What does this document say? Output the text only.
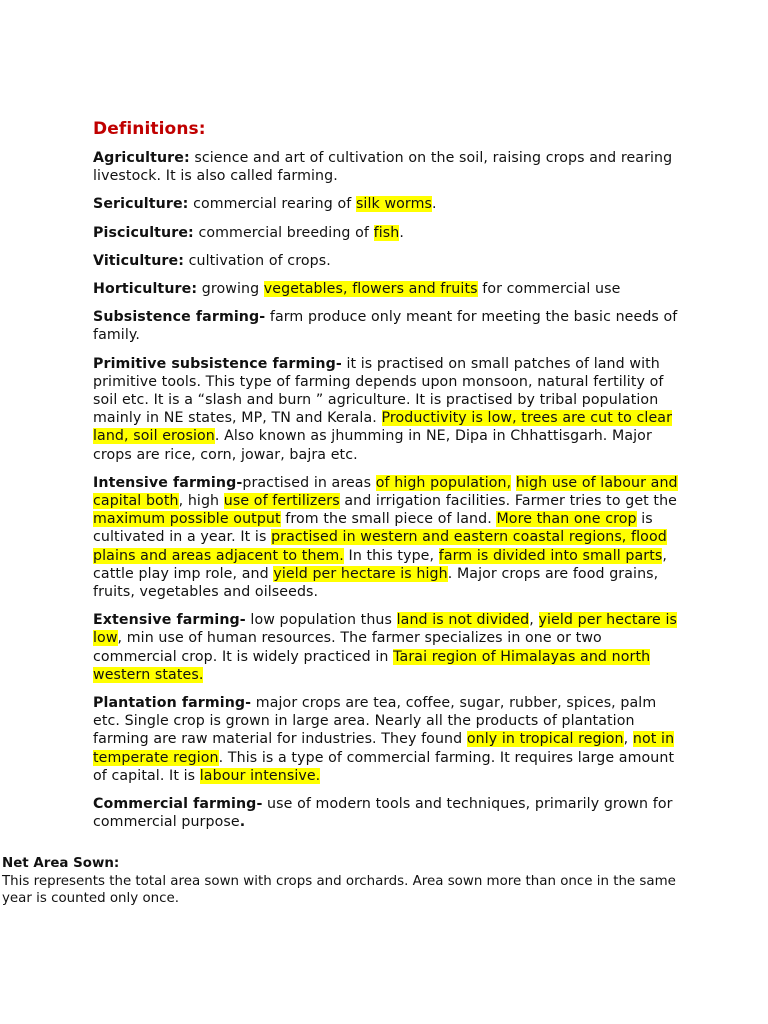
Definitions:
Agriculture: science and art of cultivation on the soil, raising crops and rearing livestock. It is also called farming.
Sericulture: commercial rearing of silk worms.
Pisciculture: commercial breeding of fish.
Viticulture: cultivation of crops.
Horticulture: growing vegetables, flowers and fruits for commercial use
Subsistence farming- farm produce only meant for meeting the basic needs of family.
Primitive subsistence farming- it is practised on small patches of land with primitive tools. This type of farming depends upon monsoon, natural fertility of soil etc. It is a “slash and burn ” agriculture. It is practised by tribal population mainly in NE states, MP, TN and Kerala. Productivity is low, trees are cut to clear land, soil erosion. Also known as jhumming in NE, Dipa in Chhattisgarh. Major crops are rice, corn, jowar, bajra etc.
Intensive farming-practised in areas of high population, high use of labour and capital both, high use of fertilizers and irrigation facilities. Farmer tries to get the maximum possible output from the small piece of land. More than one crop is cultivated in a year. It is practised in western and eastern coastal regions, flood plains and areas adjacent to them. In this type, farm is divided into small parts, cattle play imp role, and yield per hectare is high. Major crops are food grains, fruits, vegetables and oilseeds.
Extensive farming- low population thus land is not divided, yield per hectare is low, min use of human resources. The farmer specializes in one or two commercial crop. It is widely practiced in Tarai region of Himalayas and north western states.
Plantation farming- major crops are tea, coffee, sugar, rubber, spices, palm etc. Single crop is grown in large area. Nearly all the products of plantation farming are raw material for industries. They found only in tropical region, not in temperate region. This is a type of commercial farming. It requires large amount of capital. It is labour intensive.
Commercial farming- use of modern tools and techniques, primarily grown for commercial purpose.
Net Area Sown:
This represents the total area sown with crops and orchards. Area sown more than once in the same year is counted only once.
